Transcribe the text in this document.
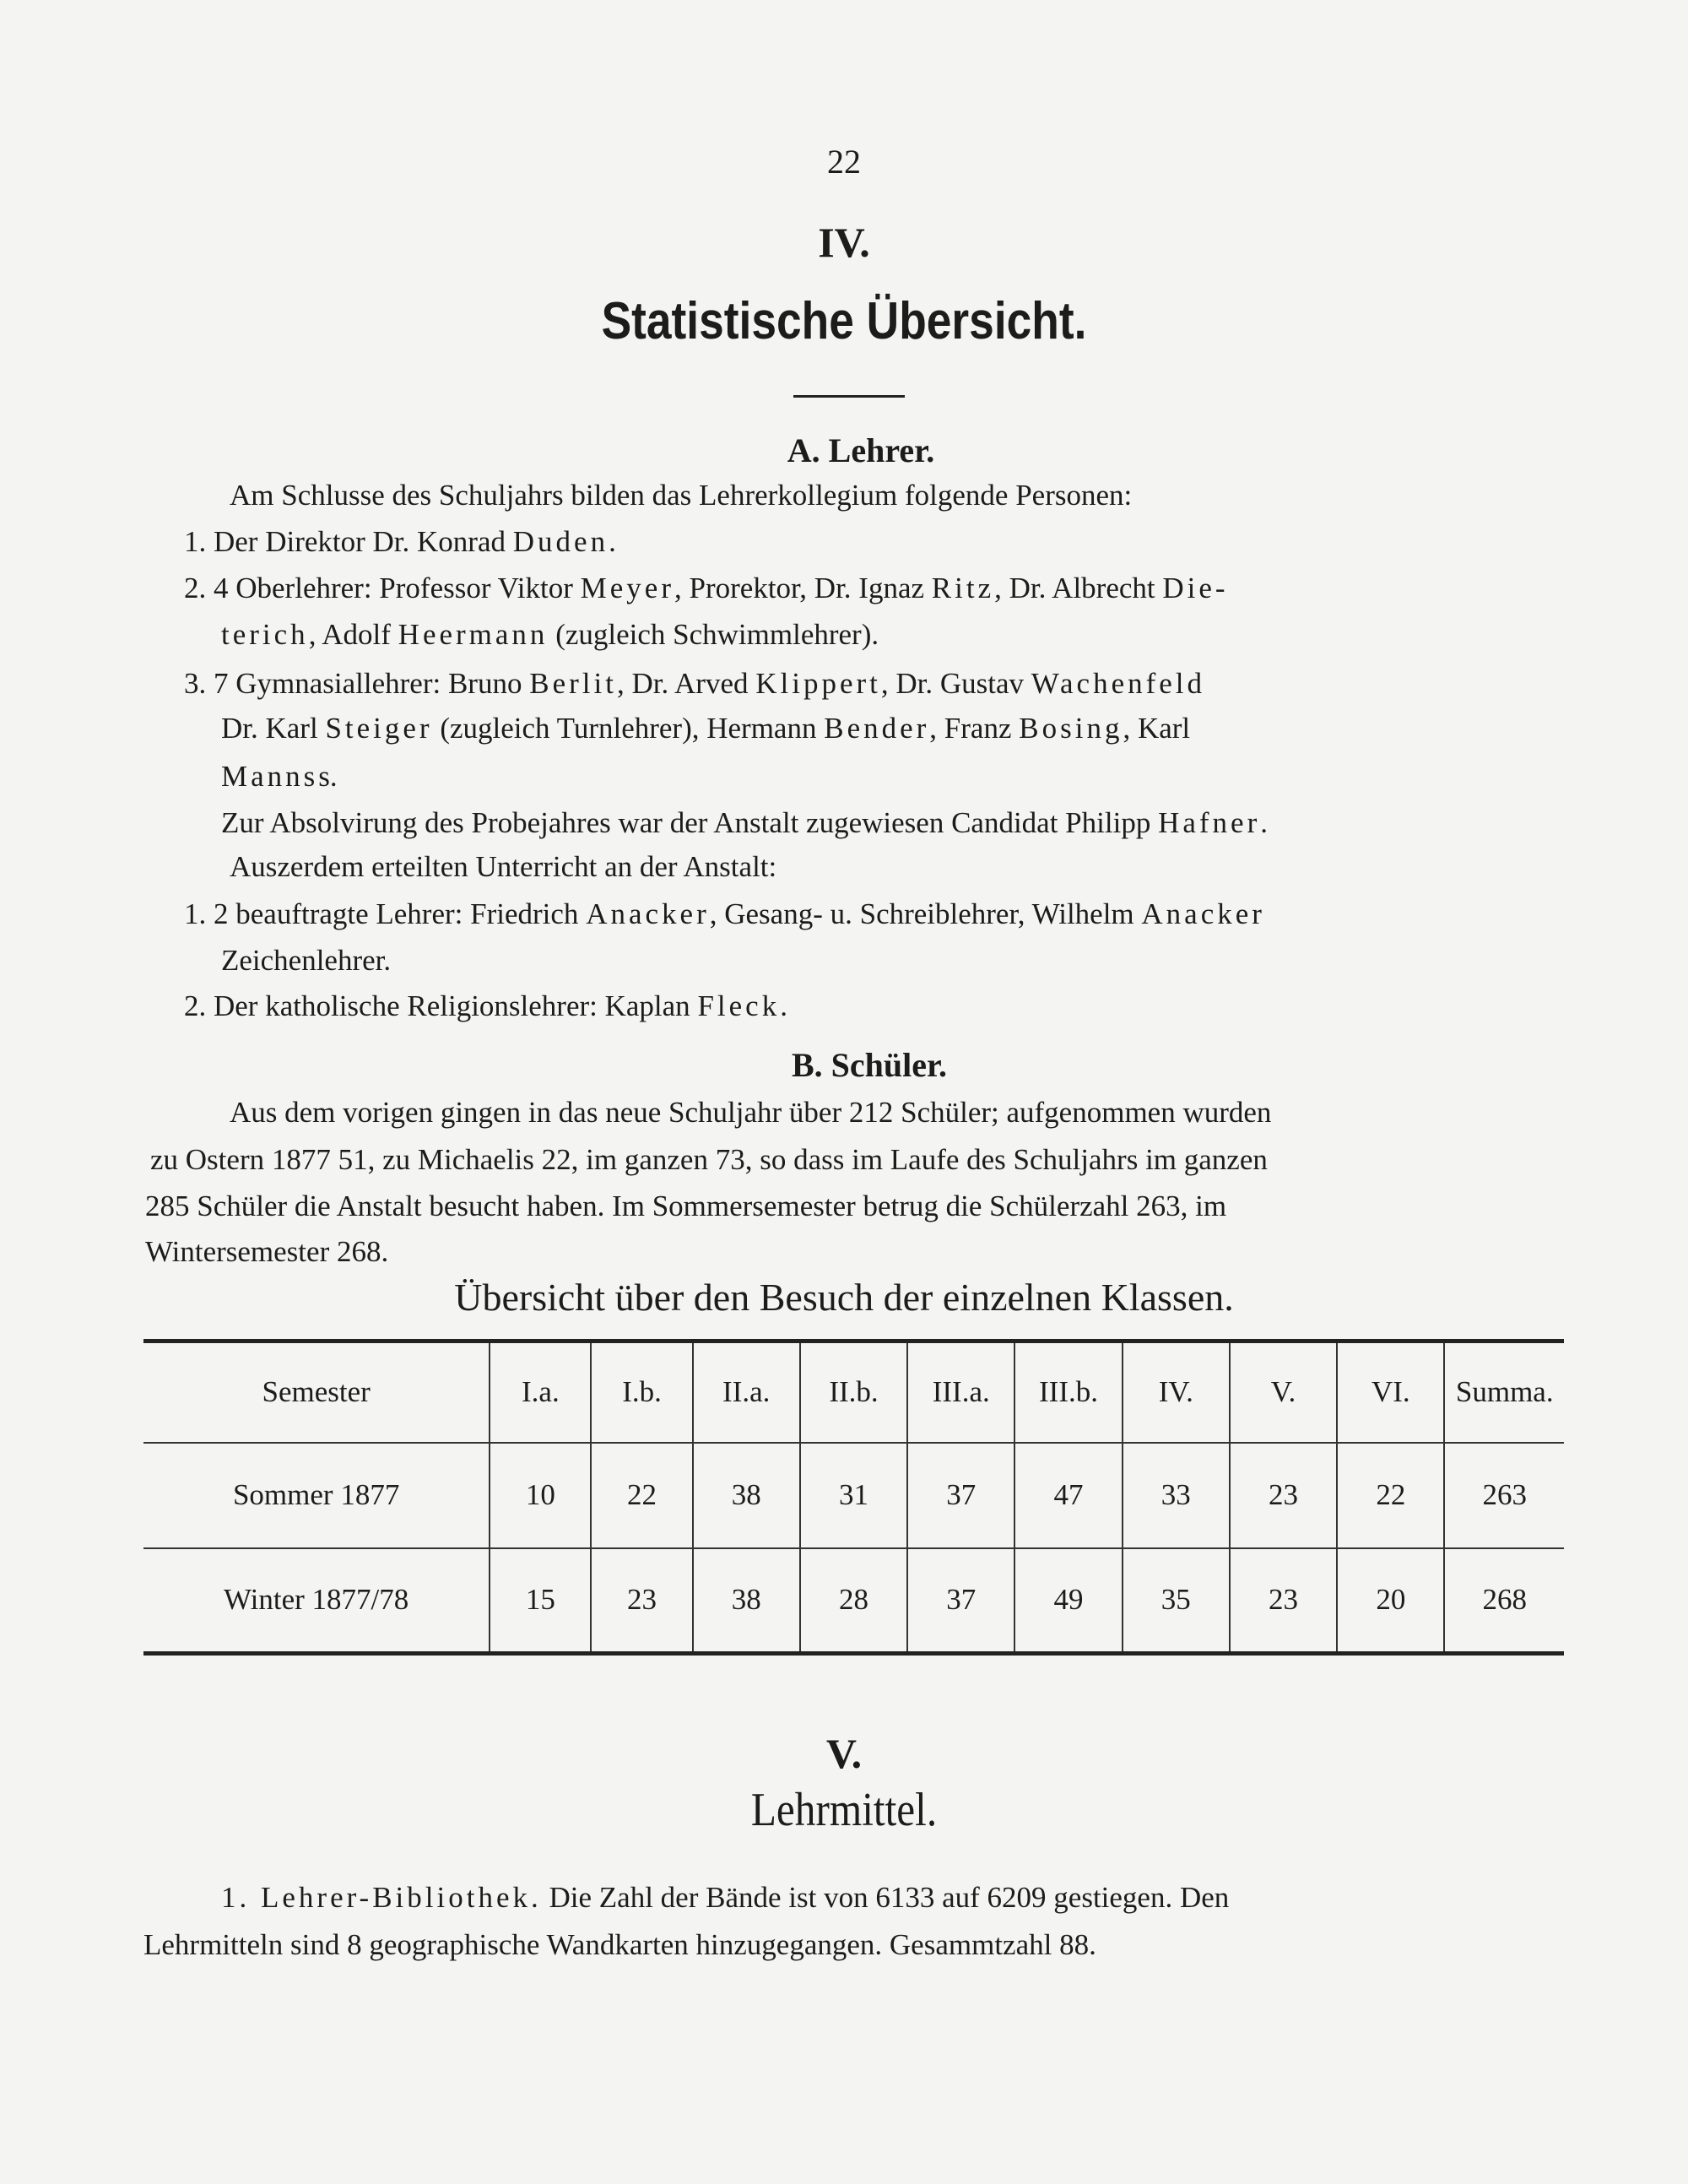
22
IV.
Statistische Übersicht.
A. Lehrer.
Am Schlusse des Schuljahrs bilden das Lehrerkollegium folgende Personen:
1. Der Direktor Dr. Konrad Duden.
2. 4 Oberlehrer: Professor Viktor Meyer, Prorektor, Dr. Ignaz Ritz, Dr. Albrecht Die-
terich, Adolf Heermann (zugleich Schwimmlehrer).
3. 7 Gymnasiallehrer: Bruno Berlit, Dr. Arved Klippert, Dr. Gustav Wachenfeld
Dr. Karl Steiger (zugleich Turnlehrer), Hermann Bender, Franz Bosing, Karl
Mannss.
Zur Absolvirung des Probejahres war der Anstalt zugewiesen Candidat Philipp Hafner.
Auszerdem erteilten Unterricht an der Anstalt:
1. 2 beauftragte Lehrer: Friedrich Anacker, Gesang- u. Schreiblehrer, Wilhelm Anacker
Zeichenlehrer.
2. Der katholische Religionslehrer: Kaplan Fleck.
B. Schüler.
Aus dem vorigen gingen in das neue Schuljahr über 212 Schüler; aufgenommen wurden
zu Ostern 1877 51, zu Michaelis 22, im ganzen 73, so dass im Laufe des Schuljahrs im ganzen
285 Schüler die Anstalt besucht haben. Im Sommersemester betrug die Schülerzahl 263, im
Wintersemester 268.
Übersicht über den Besuch der einzelnen Klassen.
Semester	I.a.	I.b.	II.a.	II.b.	III.a.	III.b.	IV.	V.	VI.	Summa.
Sommer 1877	10	22	38	31	37	47	33	23	22	263
Winter 1877/78	15	23	38	28	37	49	35	23	20	268
V.
Lehrmittel.
1. Lehrer-Bibliothek. Die Zahl der Bände ist von 6133 auf 6209 gestiegen. Den
Lehrmitteln sind 8 geographische Wandkarten hinzugegangen. Gesammtzahl 88.
